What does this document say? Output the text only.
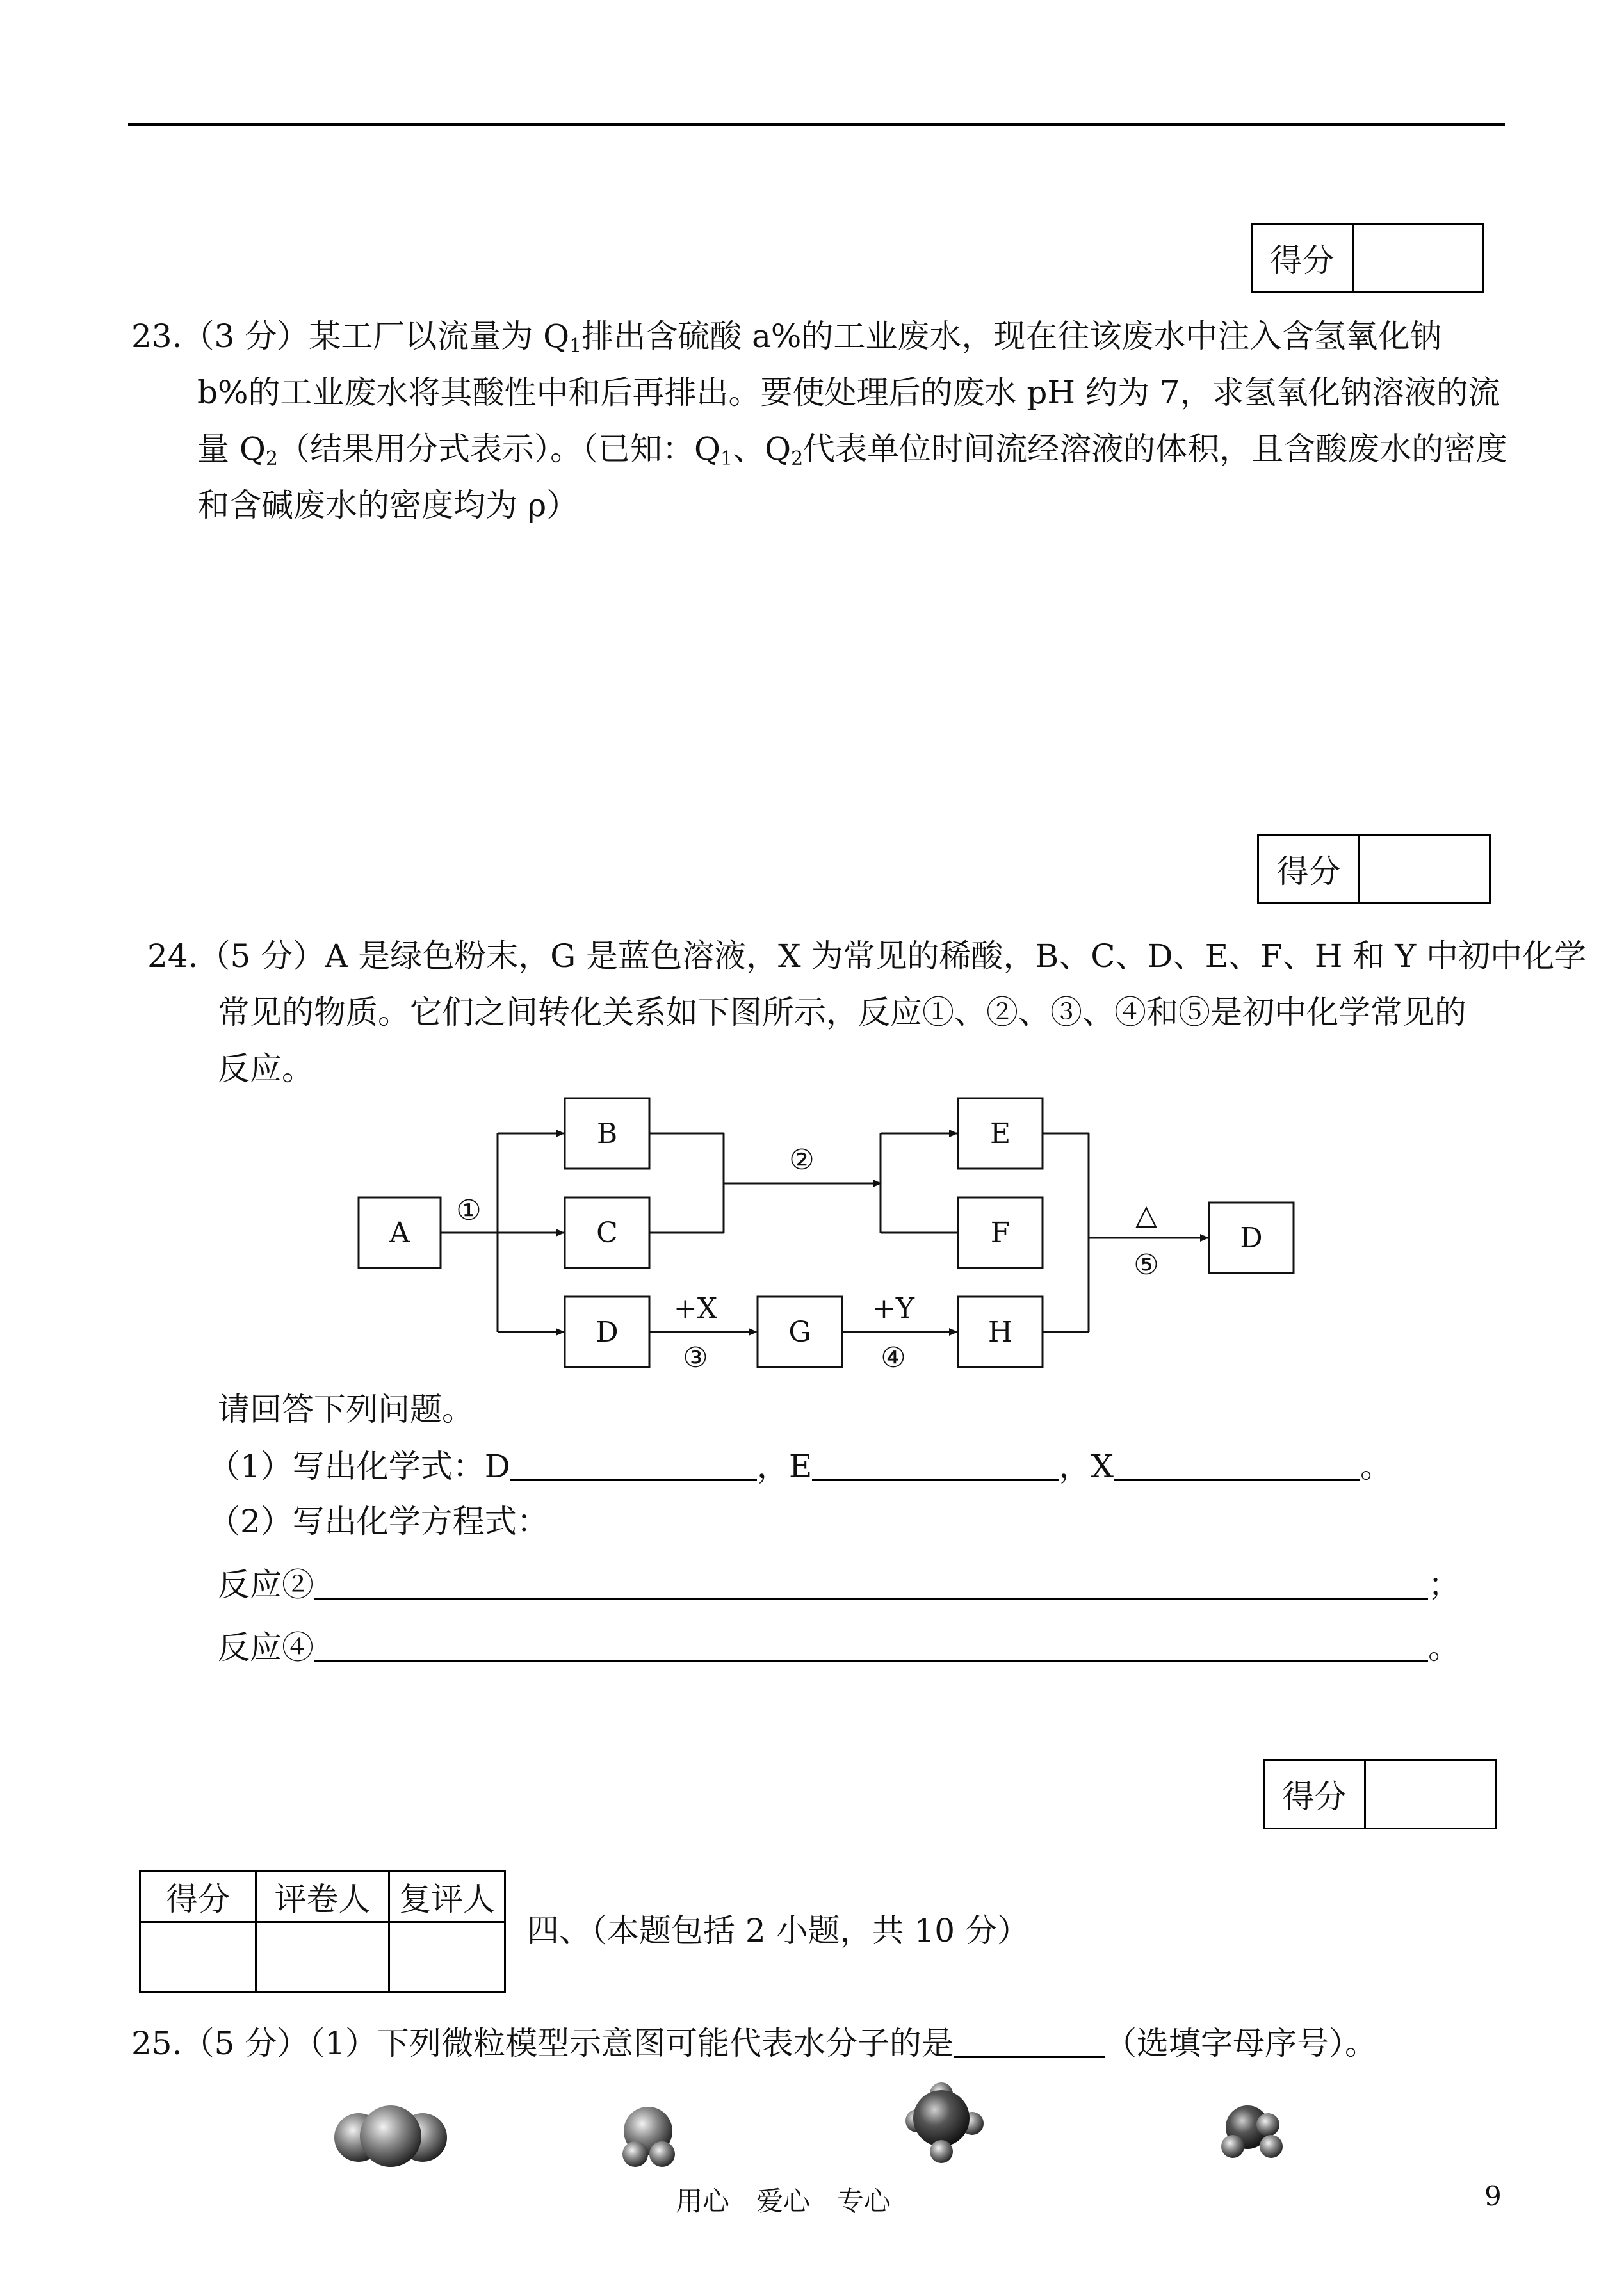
得分
23.（3 分）某工厂以流量为 $Q_1$排出含硫酸 a%的工业废水，现在往该废水中注入含氢氧化钠
b%的工业废水将其酸性中和后再排出。要使处理后的废水 pH 约为 7，求氢氧化钠溶液的流
量 $Q_2$（结果用分式表示）。（已知：$Q_1$、$Q_2$代表单位时间流经溶液的体积，且含酸废水的密度
和含碱废水的密度均为 ρ）
得分
24.（5 分）A 是绿色粉末，G 是蓝色溶液，X 为常见的稀酸，B、C、D、E、F、H 和 Y 中初中化学
常见的物质。它们之间转化关系如下图所示，反应①、②、③、④和⑤是初中化学常见的
反应。
A
B
C
D	G	H
E
F	D
①
②
+X
③
+Y
④
△
⑤
请回答下列问题。
（1）写出化学式：D	，E	，X	。
（2）写出化学方程式：
反应②	；
反应④	。
得分
得分	评卷人	复评人

四、（本题包括 2 小题，共 10 分）
25.（5 分）（1）下列微粒模型示意图可能代表水分子的是	（选填字母序号）。
用心　爱心　专心	9
